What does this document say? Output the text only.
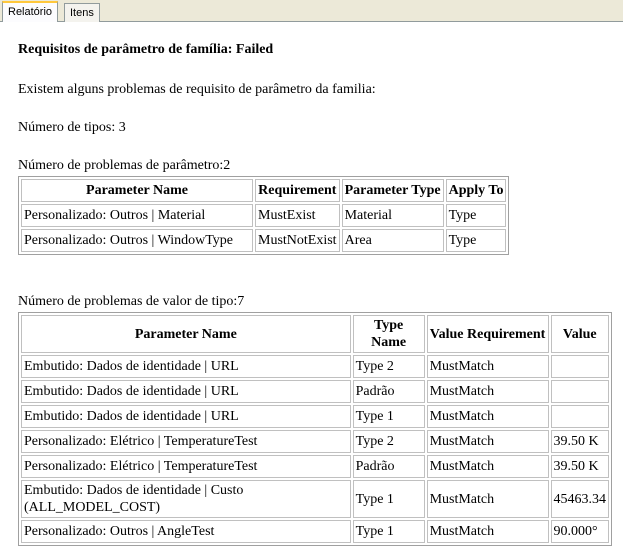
Relatório	Itens
Requisitos de parâmetro de família: Failed
Existem alguns problemas de requisito de parâmetro da familia:
Número de tipos: 3
Número de problemas de parâmetro:2
Parameter Name	Requirement	Parameter Type	Apply To
Personalizado: Outros | Material	MustExist	Material	Type
Personalizado: Outros | WindowType	MustNotExist	Area	Type
Número de problemas de valor de tipo:7
Parameter Name	Type Name	Value Requirement	Value
Embutido: Dados de identidade | URL	Type 2	MustMatch	
Embutido: Dados de identidade | URL	Padrão	MustMatch	
Embutido: Dados de identidade | URL	Type 1	MustMatch	
Personalizado: Elétrico | TemperatureTest	Type 2	MustMatch	39.50 K
Personalizado: Elétrico | TemperatureTest	Padrão	MustMatch	39.50 K
Embutido: Dados de identidade | Custo (ALL_MODEL_COST)	Type 1	MustMatch	45463.34
Personalizado: Outros | AngleTest	Type 1	MustMatch	90.000°
